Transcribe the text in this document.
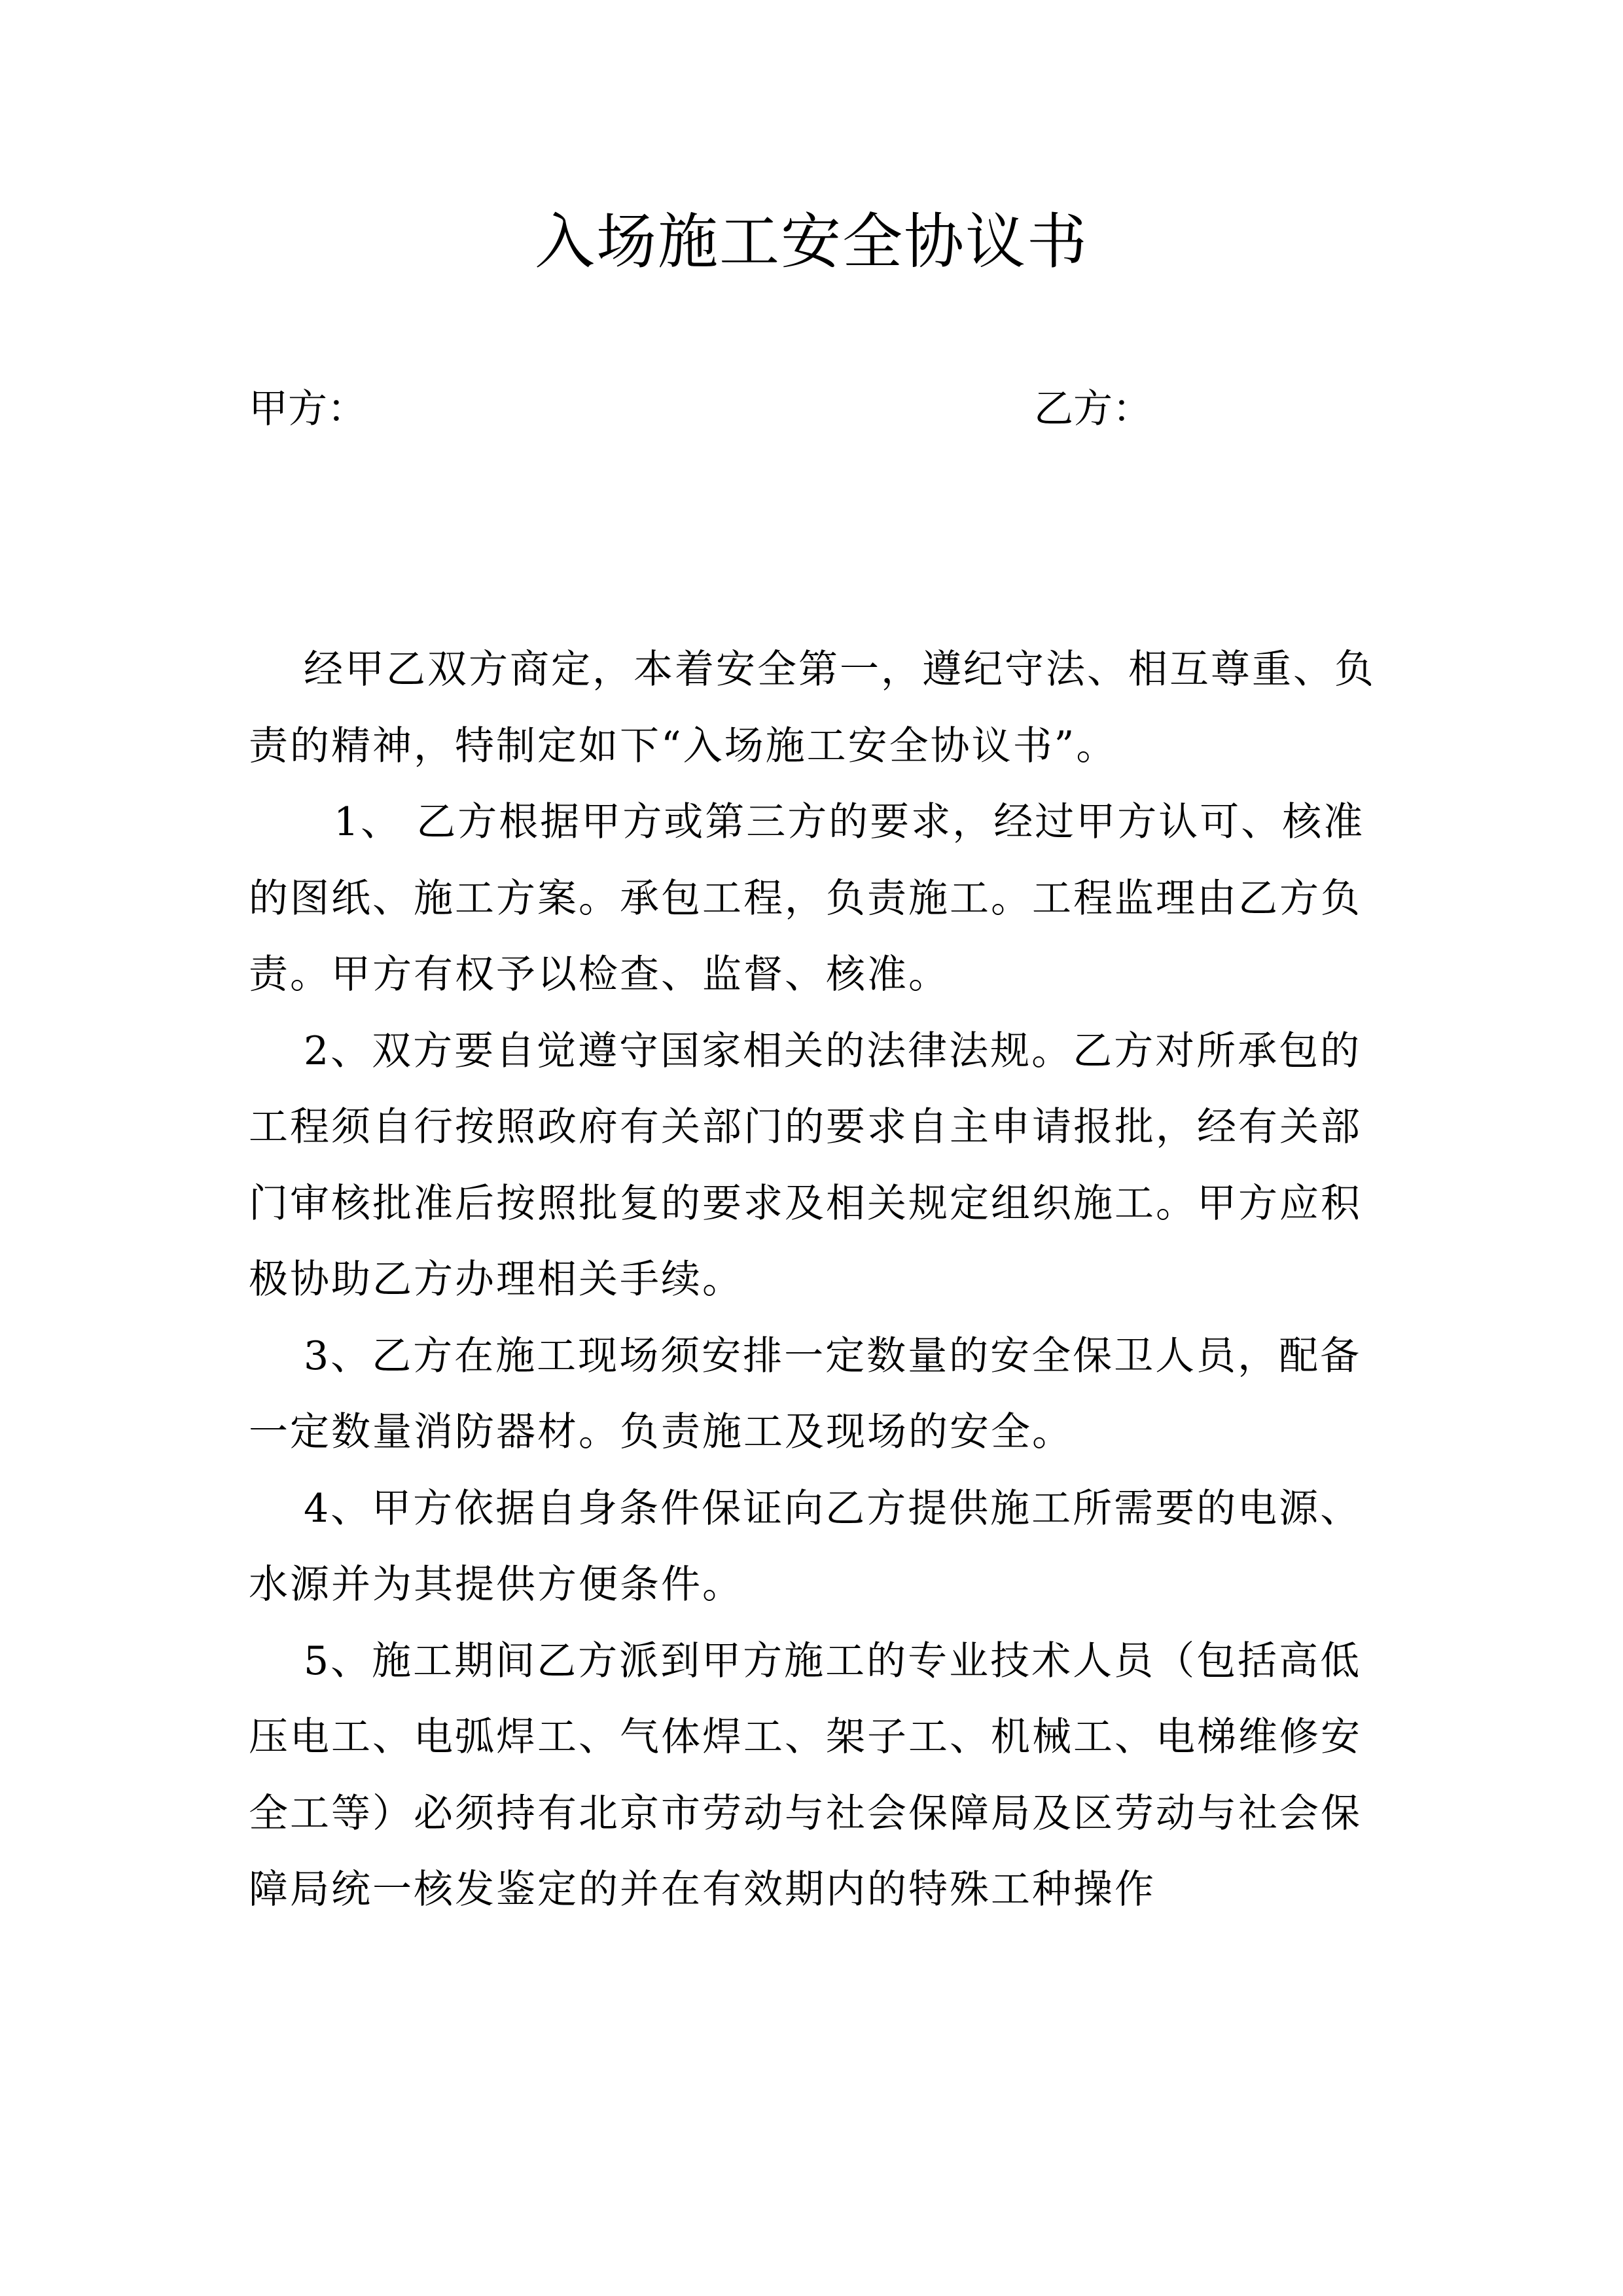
入场施工安全协议书
甲方：	乙方：

经甲乙双方商定，本着安全第一，遵纪守法、相互尊重、负责的精神，特制定如下“入场施工安全协议书”。

1、 乙方根据甲方或第三方的要求，经过甲方认可、核准的图纸、施工方案。承包工程，负责施工。工程监理由乙方负责。甲方有权予以检查、监督、核准。

2、双方要自觉遵守国家相关的法律法规。乙方对所承包的工程须自行按照政府有关部门的要求自主申请报批，经有关部门审核批准后按照批复的要求及相关规定组织施工。甲方应积极协助乙方办理相关手续。

3、乙方在施工现场须安排一定数量的安全保卫人员，配备一定数量消防器材。负责施工及现场的安全。

4、甲方依据自身条件保证向乙方提供施工所需要的电源、水源并为其提供方便条件。

5、施工期间乙方派到甲方施工的专业技术人员（包括高低压电工、电弧焊工、气体焊工、架子工、机械工、电梯维修安全工等）必须持有北京市劳动与社会保障局及区劳动与社会保障局统一核发鉴定的并在有效期内的特殊工种操作
